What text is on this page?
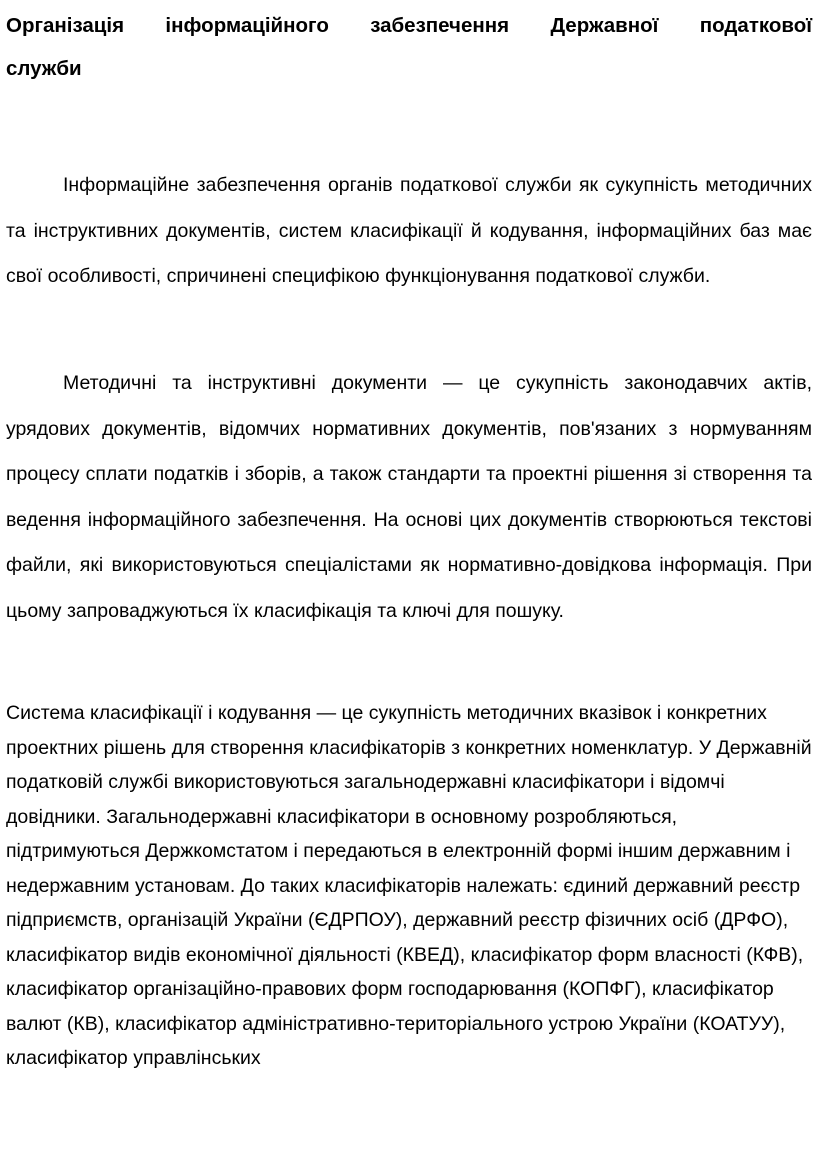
Організація інформаційного забезпечення Державної податкової
служби

Інформаційне забезпечення органів податкової служби як сукупність методичних та інструктивних документів, систем класифікації й кодування, інформаційних баз має свої особливості, спричинені специфікою функціонування податкової служби.

Методичні та інструктивні документи — це сукупність законодавчих актів, урядових документів, відомчих нормативних документів, пов'язаних з нормуванням процесу сплати податків і зборів, а також стандарти та проектні рішення зі створення та ведення інформаційного забезпечення. На основі цих документів створюються текстові файли, які використовуються спеціалістами як нормативно-довідкова інформація. При цьому запроваджуються їх класифікація та ключі для пошуку.

Система класифікації і кодування — це сукупність методичних вказівок і конкретних проектних рішень для створення класифікаторів з конкретних номенклатур. У Державній податковій службі використовуються загальнодержавні класифікатори і відомчі довідники. Загальнодержавні класифікатори в основному розробляються, підтримуються Держкомстатом і передаються в електронній формі іншим державним і недержавним установам. До таких класифікаторів належать: єдиний державний реєстр підприємств, організацій України (ЄДРПОУ), державний реєстр фізичних осіб (ДРФО), класифікатор видів економічної діяльності (КВЕД), класифікатор форм власності (КФВ), класифікатор організаційно-правових форм господарювання (КОПФГ), класифікатор валют (КВ), класифікатор адміністративно-територіального устрою України (КОАТУУ), класифікатор управлінських
